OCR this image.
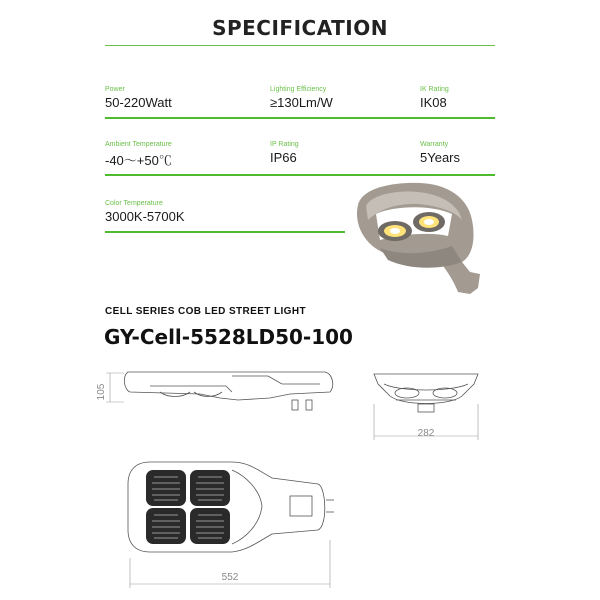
SPECIFICATION
Power
50-220Watt
Lighting Efficiency
≥130Lm/W
IK Rating
IK08
Ambient Temperature
-40～+50℃
IP Rating
IP66
Warranty
5Years
Color Temperature
3000K-5700K
CELL SERIES COB LED STREET LIGHT
GY-Cell-5528LD50-100
105
282
552
